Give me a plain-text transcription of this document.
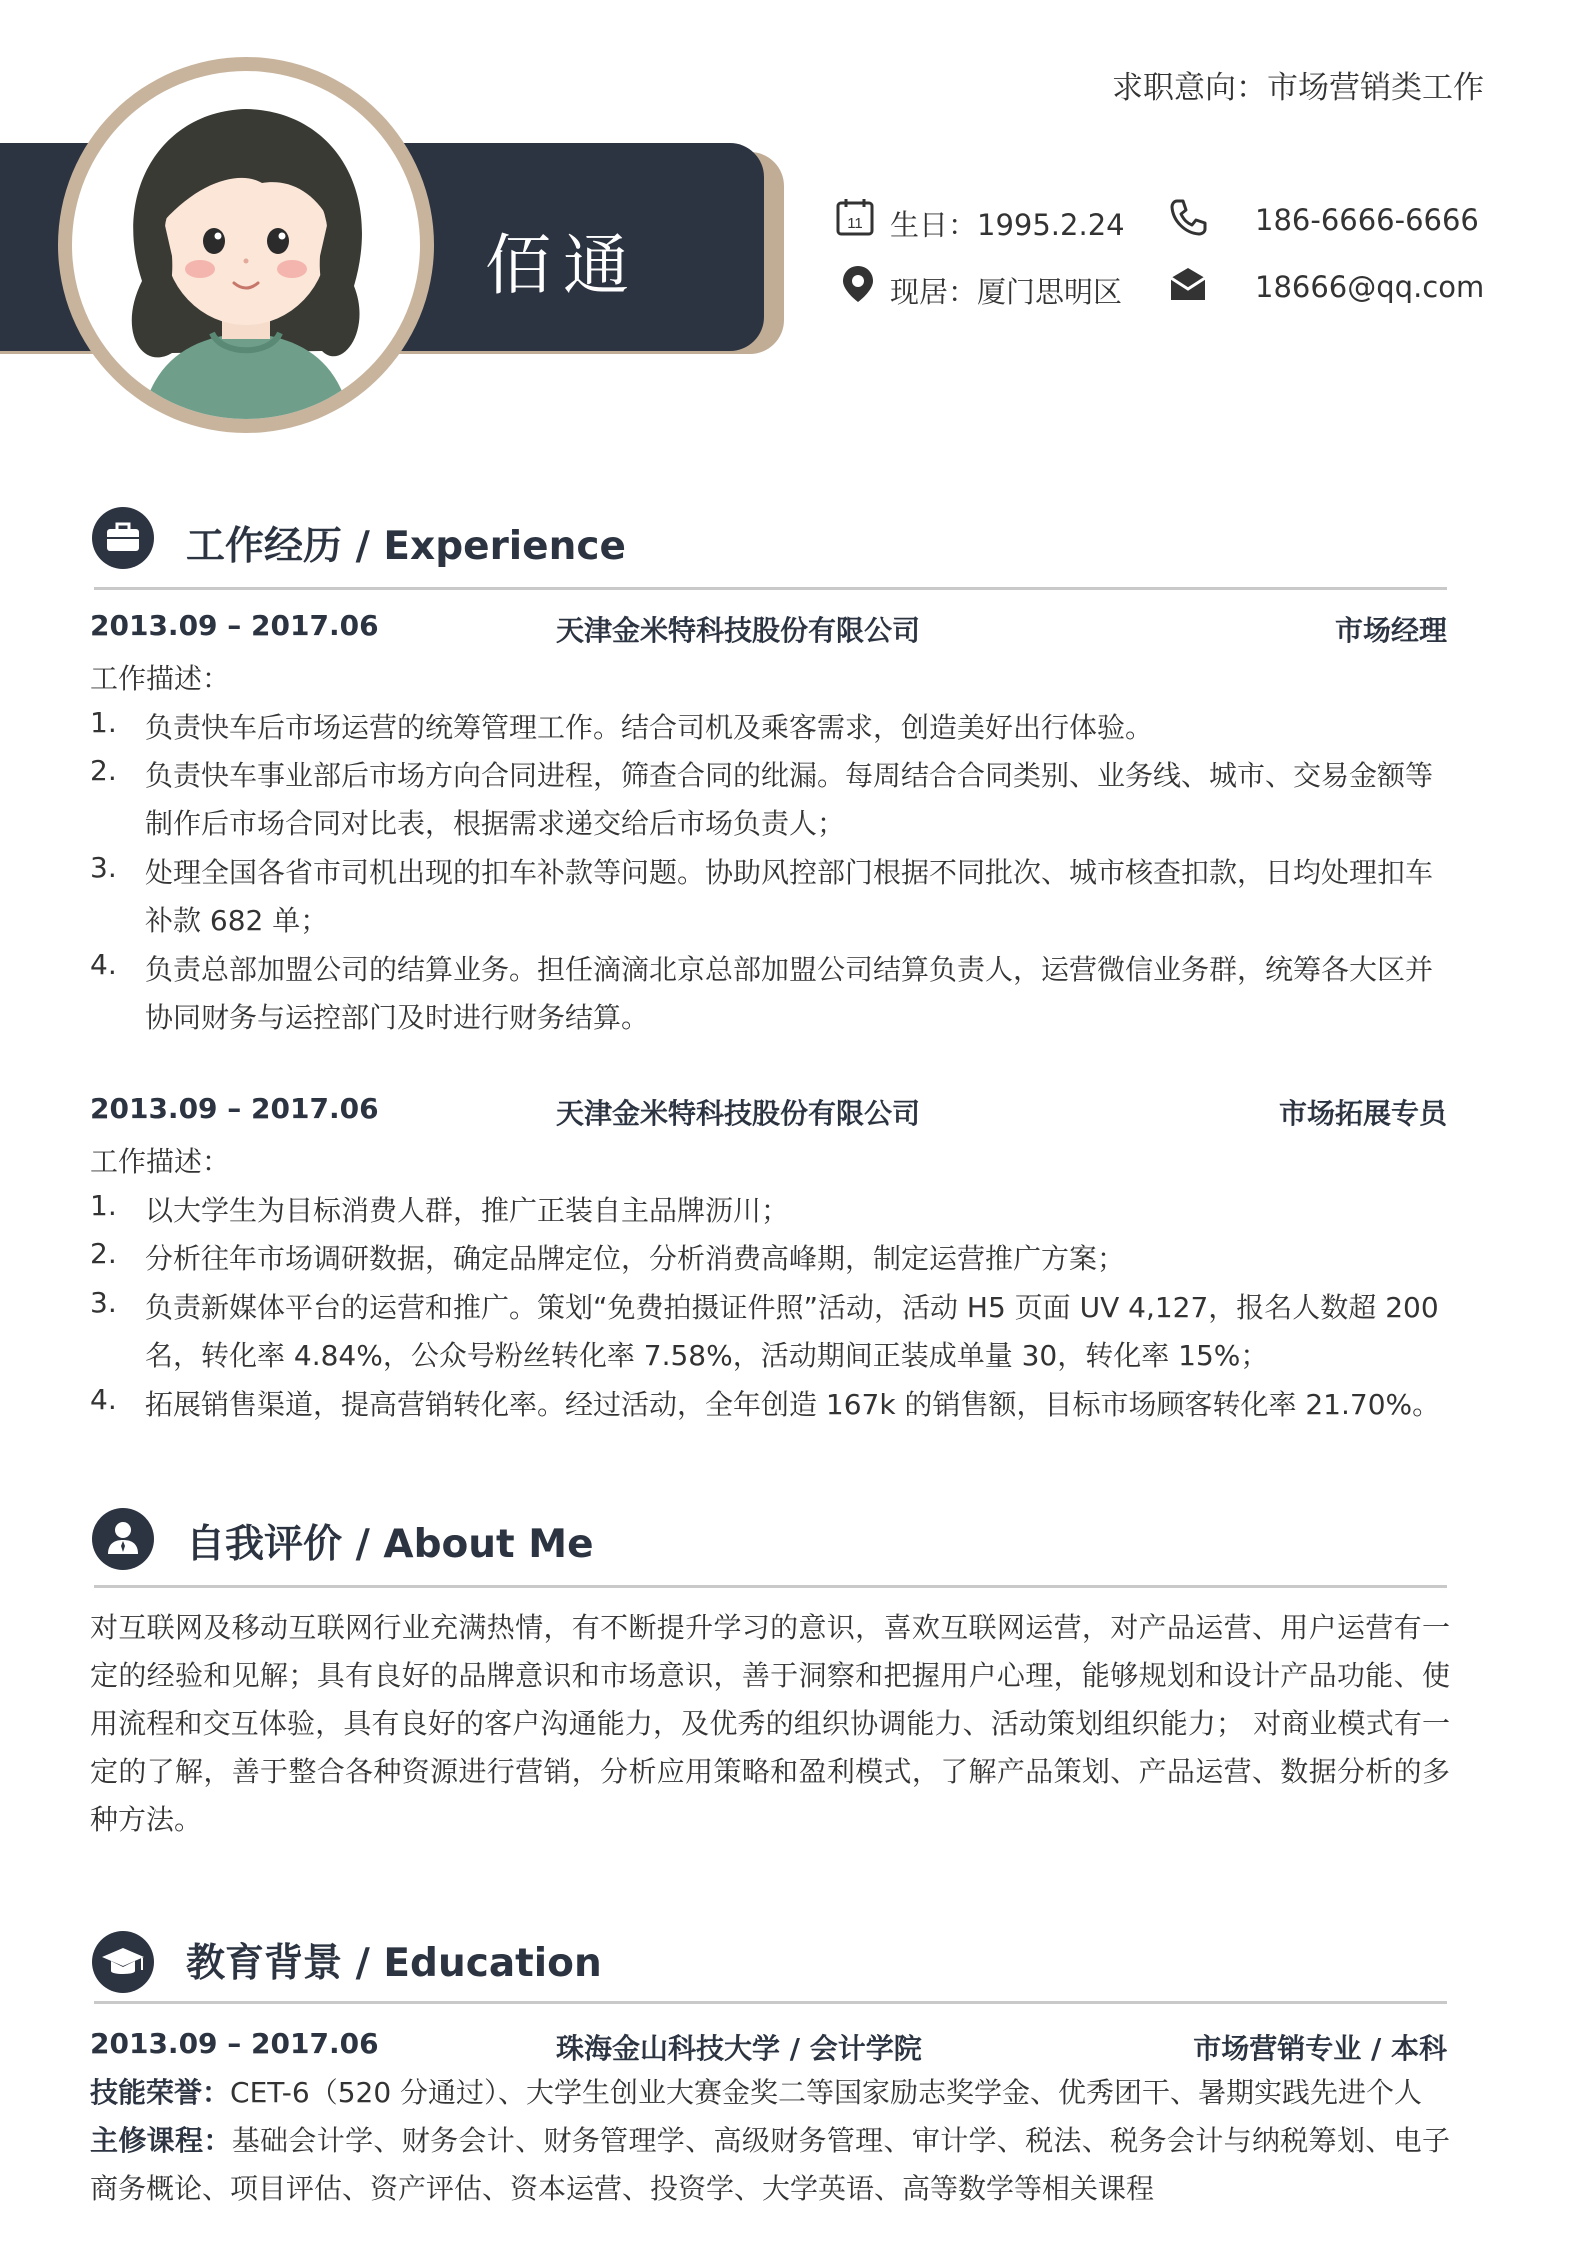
求职意向：市场营销类工作
佰通
11 生日：1995.2.24	186-6666-6666
现居：厦门思明区	18666@qq.com
工作经历 / Experience
2013.09 – 2017.06	天津金米特科技股份有限公司	市场经理
工作描述：
1. 负责快车后市场运营的统筹管理工作。结合司机及乘客需求，创造美好出行体验。
2. 负责快车事业部后市场方向合同进程，筛查合同的纰漏。每周结合合同类别、业务线、城市、交易金额等
制作后市场合同对比表，根据需求递交给后市场负责人；
3. 处理全国各省市司机出现的扣车补款等问题。协助风控部门根据不同批次、城市核查扣款，日均处理扣车
补款 682 单；
4. 负责总部加盟公司的结算业务。担任滴滴北京总部加盟公司结算负责人，运营微信业务群，统筹各大区并
协同财务与运控部门及时进行财务结算。
2013.09 – 2017.06	天津金米特科技股份有限公司	市场拓展专员
工作描述：
1. 以大学生为目标消费人群，推广正装自主品牌沥川；
2. 分析往年市场调研数据，确定品牌定位，分析消费高峰期，制定运营推广方案；
3. 负责新媒体平台的运营和推广。策划“免费拍摄证件照”活动，活动 H5 页面 UV 4,127，报名人数超 200
名，转化率 4.84%，公众号粉丝转化率 7.58%，活动期间正装成单量 30，转化率 15%；
4. 拓展销售渠道，提高营销转化率。经过活动，全年创造 167k 的销售额，目标市场顾客转化率 21.70%。
自我评价 / About Me
对互联网及移动互联网行业充满热情，有不断提升学习的意识，喜欢互联网运营，对产品运营、用户运营有一定的经验和见解；具有良好的品牌意识和市场意识，善于洞察和把握用户心理，能够规划和设计产品功能、使用流程和交互体验，具有良好的客户沟通能力，及优秀的组织协调能力、活动策划组织能力； 对商业模式有一定的了解，善于整合各种资源进行营销，分析应用策略和盈利模式，了解产品策划、产品运营、数据分析的多种方法。
教育背景 / Education
2013.09 – 2017.06	珠海金山科技大学 / 会计学院	市场营销专业 / 本科
技能荣誉：CET-6（520 分通过）、大学生创业大赛金奖二等国家励志奖学金、优秀团干、暑期实践先进个人
主修课程：基础会计学、财务会计、财务管理学、高级财务管理、审计学、税法、税务会计与纳税筹划、电子商务概论、项目评估、资产评估、资本运营、投资学、大学英语、高等数学等相关课程
